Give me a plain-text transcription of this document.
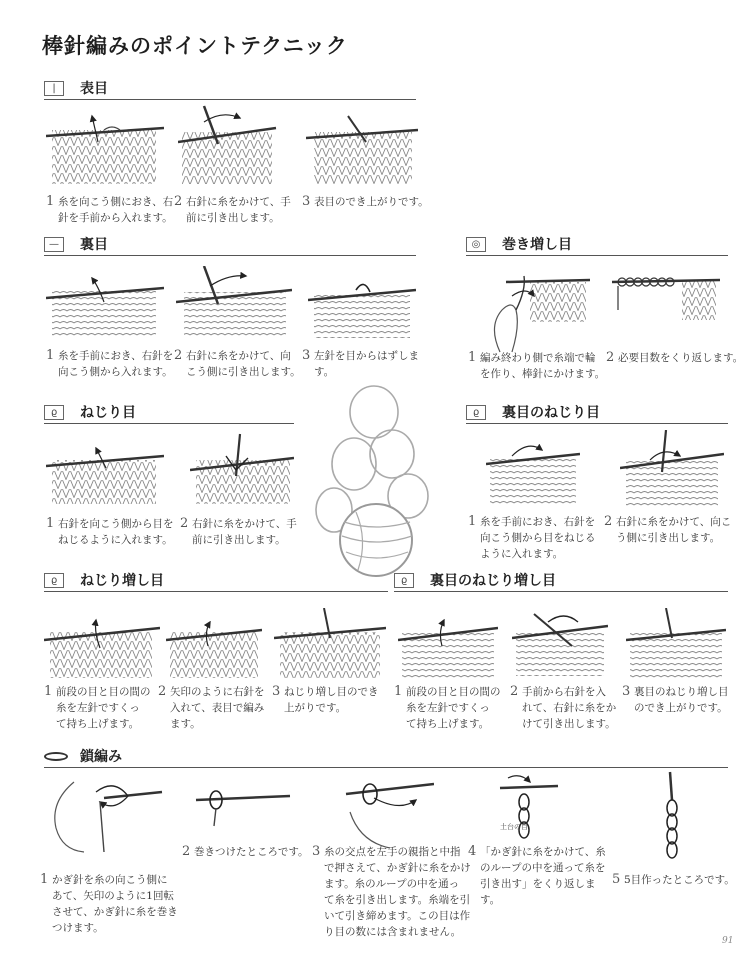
棒針編みのポイントテクニック
|	表目
1 糸を向こう側におき、右
針を手前から入れます。
2 右針に糸をかけて、手
前に引き出します。
3 表目のでき上がりです。
—	裏目
1 糸を手前におき、右針を
向こう側から入れます。
2 右針に糸をかけて、向
こう側に引き出します。
3 左針を目からはずします。
◎	巻き増し目
1 編み終わり側で糸端で輪
を作り、棒針にかけます。
2 必要目数をくり返します。
ϱ	ねじり目
1 右針を向こう側から目を
ねじるように入れます。
2 右針に糸をかけて、手
前に引き出します。
ϱ	裏目のねじり目
1 糸を手前におき、右針を
向こう側から目をねじる
ように入れます。
2 右針に糸をかけて、向こ
う側に引き出します。
ϱ	ねじり増し目
1 前段の目と目の間の
糸を左針ですくっ
て持ち上げます。
2 矢印のように右針を
入れて、表目で編み
ます。
3 ねじり増し目のでき
上がりです。
ϱ	裏目のねじり増し目
1 前段の目と目の間の
糸を左針ですくっ
て持ち上げます。
2 手前から右針を入
れて、右針に糸をか
けて引き出します。
3 裏目のねじり増し目
のでき上がりです。
鎖編み
土台の目
1 かぎ針を糸の向こう側に
あて、矢印のように1回転
させて、かぎ針に糸を巻き
つけます。
2 巻きつけたところです。 3 糸の交点を左手の親指と中指
で押さえて、かぎ針に糸をかけ
ます。糸のループの中を通っ
て糸を引き出します。糸端を引
いて引き締めます。この目は作
り目の数には含まれません。
4 「かぎ針に糸をかけて、糸
のループの中を通って糸を
引き出す」をくり返します。
5 5目作ったところです。
91
